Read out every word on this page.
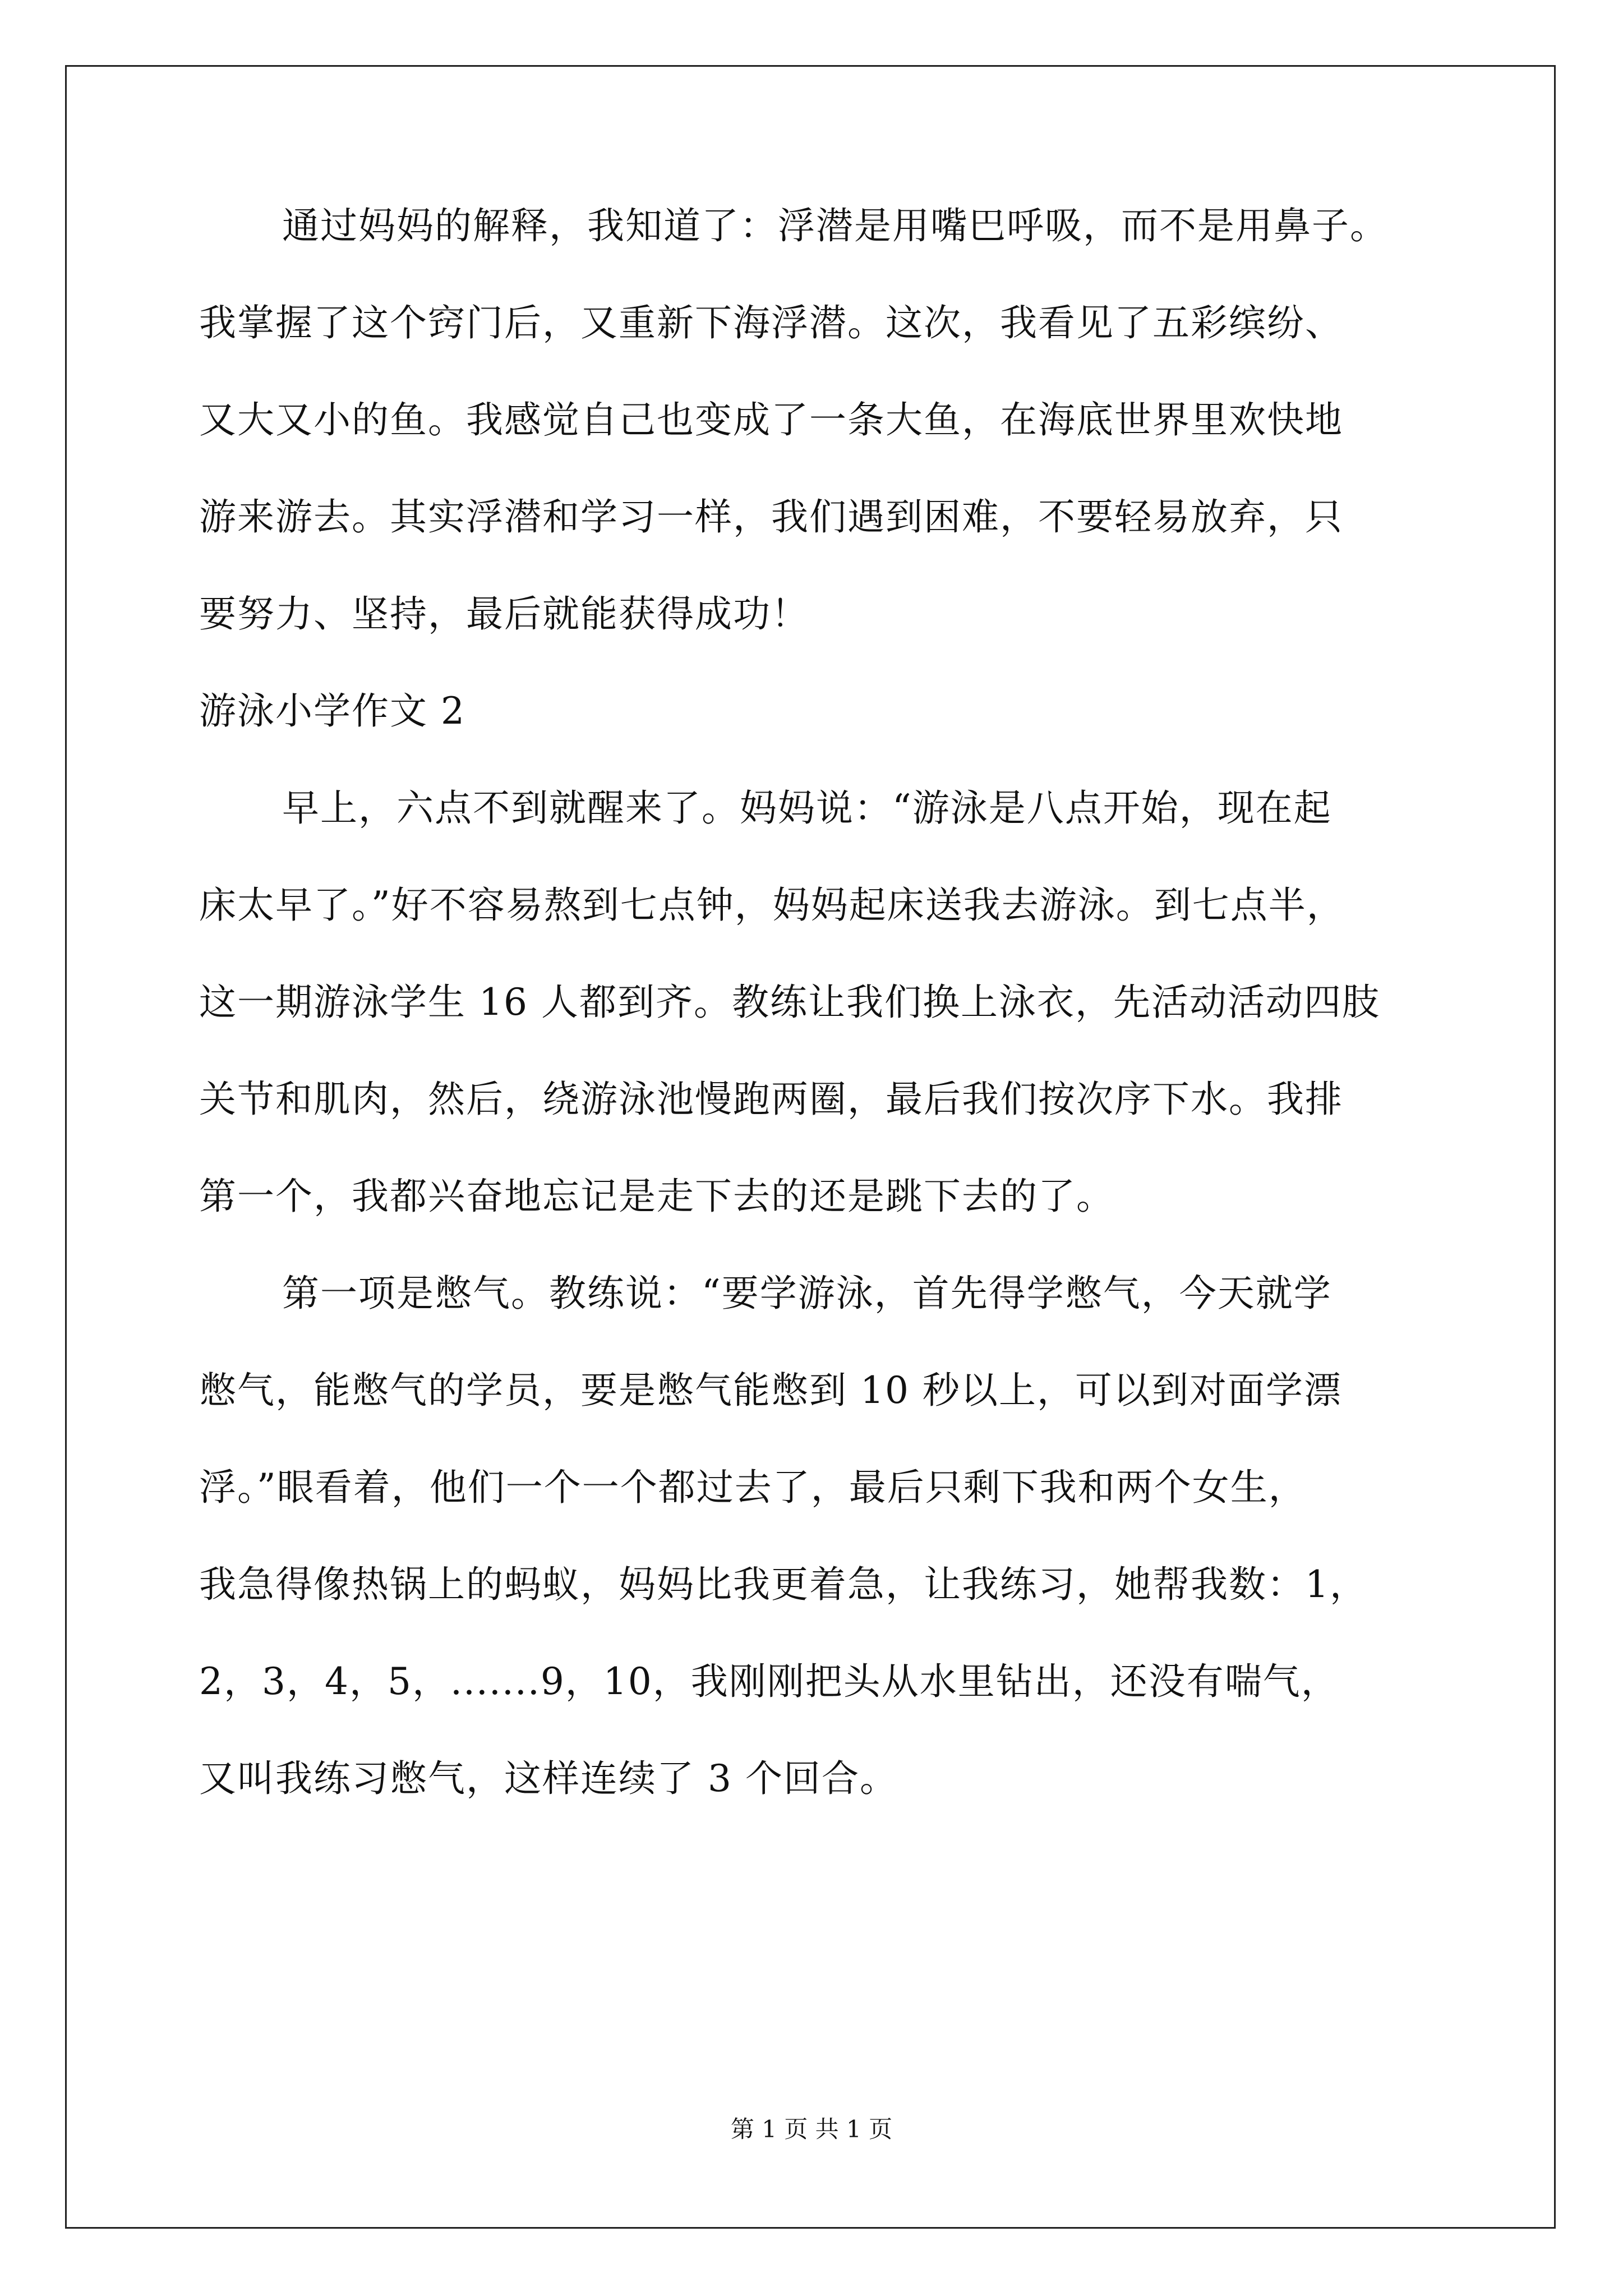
通过妈妈的解释，我知道了：浮潜是用嘴巴呼吸，而不是用鼻子。
我掌握了这个窍门后，又重新下海浮潜。这次，我看见了五彩缤纷、
又大又小的鱼。我感觉自己也变成了一条大鱼，在海底世界里欢快地
游来游去。其实浮潜和学习一样，我们遇到困难，不要轻易放弃，只
要努力、坚持，最后就能获得成功！
游泳小学作文 2
早上，六点不到就醒来了。妈妈说：“游泳是八点开始，现在起
床太早了。”好不容易熬到七点钟，妈妈起床送我去游泳。到七点半，
这一期游泳学生 16 人都到齐。教练让我们换上泳衣，先活动活动四肢
关节和肌肉，然后，绕游泳池慢跑两圈，最后我们按次序下水。我排
第一个，我都兴奋地忘记是走下去的还是跳下去的了。
第一项是憋气。教练说：“要学游泳，首先得学憋气，今天就学
憋气，能憋气的学员，要是憋气能憋到 10 秒以上，可以到对面学漂
浮。”眼看着，他们一个一个都过去了，最后只剩下我和两个女生，
我急得像热锅上的蚂蚁，妈妈比我更着急，让我练习，她帮我数：1，
2，3，4，5，.......9，10，我刚刚把头从水里钻出，还没有喘气，
又叫我练习憋气，这样连续了 3 个回合。
第 1 页 共 1 页
